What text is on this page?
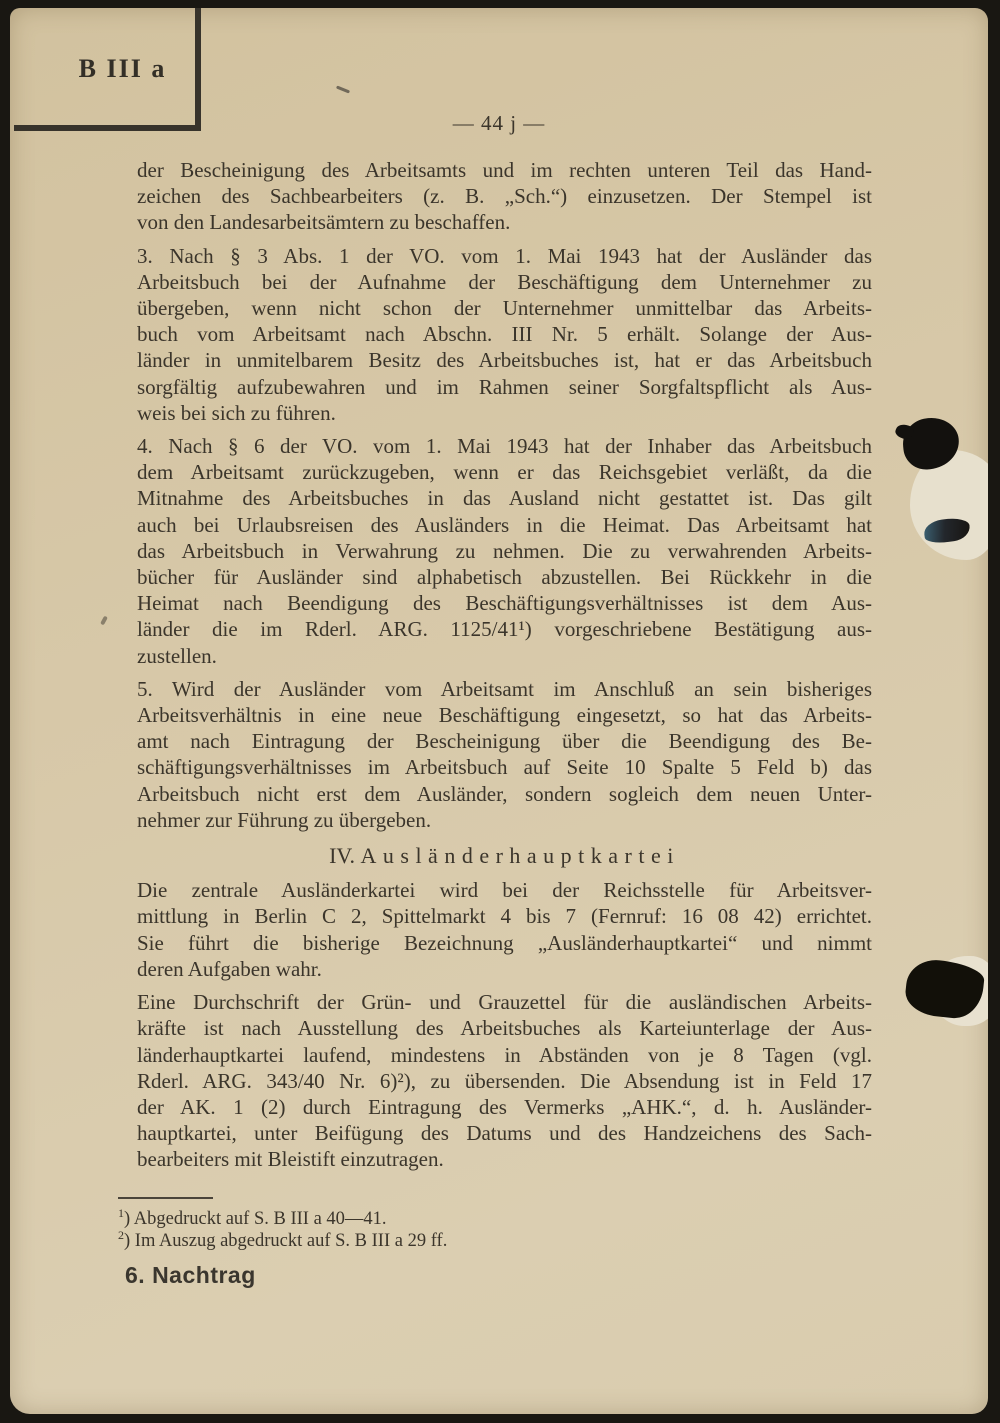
B III a
— 44 j —
der Bescheinigung des Arbeitsamts und im rechten unteren Teil das Hand-
zeichen des Sachbearbeiters (z. B. „Sch.“) einzusetzen. Der Stempel ist
von den Landesarbeitsämtern zu beschaffen.
3. Nach § 3 Abs. 1 der VO. vom 1. Mai 1943 hat der Ausländer das
Arbeitsbuch bei der Aufnahme der Beschäftigung dem Unternehmer zu
übergeben, wenn nicht schon der Unternehmer unmittelbar das Arbeits-
buch vom Arbeitsamt nach Abschn. III Nr. 5 erhält. Solange der Aus-
länder in unmitelbarem Besitz des Arbeitsbuches ist, hat er das Arbeitsbuch
sorgfältig aufzubewahren und im Rahmen seiner Sorgfaltspflicht als Aus-
weis bei sich zu führen.
4. Nach § 6 der VO. vom 1. Mai 1943 hat der Inhaber das Arbeitsbuch
dem Arbeitsamt zurückzugeben, wenn er das Reichsgebiet verläßt, da die
Mitnahme des Arbeitsbuches in das Ausland nicht gestattet ist. Das gilt
auch bei Urlaubsreisen des Ausländers in die Heimat. Das Arbeitsamt hat
das Arbeitsbuch in Verwahrung zu nehmen. Die zu verwahrenden Arbeits-
bücher für Ausländer sind alphabetisch abzustellen. Bei Rückkehr in die
Heimat nach Beendigung des Beschäftigungsverhältnisses ist dem Aus-
länder die im Rderl. ARG. 1125/41¹) vorgeschriebene Bestätigung aus-
zustellen.
5. Wird der Ausländer vom Arbeitsamt im Anschluß an sein bisheriges
Arbeitsverhältnis in eine neue Beschäftigung eingesetzt, so hat das Arbeits-
amt nach Eintragung der Bescheinigung über die Beendigung des Be-
schäftigungsverhältnisses im Arbeitsbuch auf Seite 10 Spalte 5 Feld b) das
Arbeitsbuch nicht erst dem Ausländer, sondern sogleich dem neuen Unter-
nehmer zur Führung zu übergeben.
IV. Ausländerhauptkartei
Die zentrale Ausländerkartei wird bei der Reichsstelle für Arbeitsver-
mittlung in Berlin C 2, Spittelmarkt 4 bis 7 (Fernruf: 16 08 42) errichtet.
Sie führt die bisherige Bezeichnung „Ausländerhauptkartei“ und nimmt
deren Aufgaben wahr.
Eine Durchschrift der Grün- und Grauzettel für die ausländischen Arbeits-
kräfte ist nach Ausstellung des Arbeitsbuches als Karteiunterlage der Aus-
länderhauptkartei laufend, mindestens in Abständen von je 8 Tagen (vgl.
Rderl. ARG. 343/40 Nr. 6)²), zu übersenden. Die Absendung ist in Feld 17
der AK. 1 (2) durch Eintragung des Vermerks „AHK.“, d. h. Ausländer-
hauptkartei, unter Beifügung des Datums und des Handzeichens des Sach-
bearbeiters mit Bleistift einzutragen.
$^1$) Abgedruckt auf S. B III a 40—41.
$^2$) Im Auszug abgedruckt auf S. B III a 29 ff.
6. Nachtrag
